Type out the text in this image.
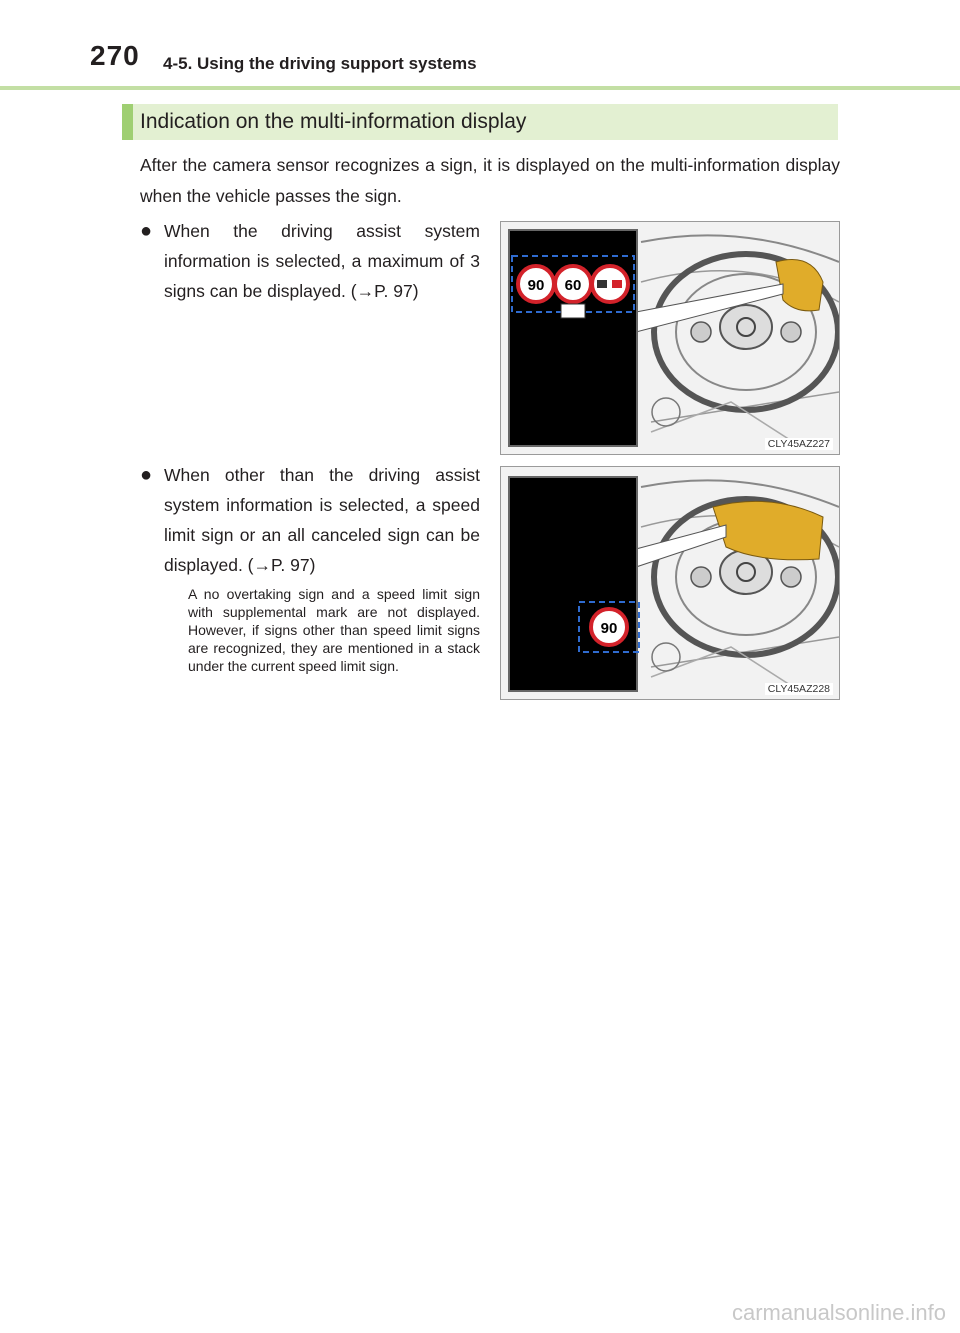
270 4-5. Using the driving support systems
Indication on the multi-information display
After the camera sensor recognizes a sign, it is displayed on the multi-information display when the vehicle passes the sign.
● When the driving assist system information is selected, a maximum of 3 signs can be displayed. (→P. 97)	90 60
CLY45AZ227
● When other than the driving assist system information is selected, a speed limit sign or an all canceled sign can be displayed. (→P. 97)
A no overtaking sign and a speed limit sign with supplemental mark are not displayed. However, if signs other than speed limit signs are recognized, they are mentioned in a stack under the current speed limit sign.
90
CLY45AZ228
carmanualsonline.info
